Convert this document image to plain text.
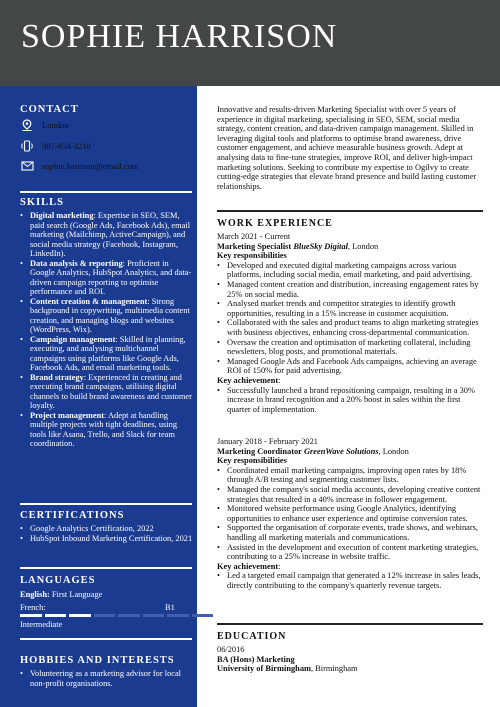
SOPHIE HARRISON
CONTACT
London
987-654-3210
sophie.harrison@email.com
SKILLS
• Digital marketing: Expertise in SEO, SEM, paid search (Google Ads, Facebook Ads), email marketing (Mailchimp, ActiveCampaign), and social media strategy (Facebook, Instagram, LinkedIn).
• Data analysis & reporting: Proficient in Google Analytics, HubSpot Analytics, and data-driven campaign reporting to optimise performance and ROI.
• Content creation & management: Strong background in copywriting, multimedia content creation, and managing blogs and websites (WordPress, Wix).
• Campaign management: Skilled in planning, executing, and analysing multichannel campaigns using platforms like Google Ads, Facebook Ads, and email marketing tools.
• Brand strategy: Experienced in creating and executing brand campaigns, utilising digital channels to build brand awareness and customer loyalty.
• Project management: Adept at handling multiple projects with tight deadlines, using tools like Asana, Trello, and Slack for team coordination.
CERTIFICATIONS
• Google Analytics Certification, 2022
• HubSpot Inbound Marketing Certification, 2021
LANGUAGES
English: First Language
French:	B1
Intermediate
HOBBIES AND INTERESTS
• Volunteering as a marketing advisor for local non-profit organisations.
Innovative and results-driven Marketing Specialist with over 5 years of experience in digital marketing, specialising in SEO, SEM, social media strategy, content creation, and data-driven campaign management. Skilled in leveraging digital tools and platforms to optimise brand awareness, drive customer engagement, and achieve measurable business growth. Adept at analysing data to fine-tune strategies, improve ROI, and deliver high-impact marketing solutions. Seeking to contribute my expertise to Ogilvy to create cutting-edge strategies that elevate brand presence and build lasting customer relationships.
WORK EXPERIENCE
March 2021 - Current
Marketing Specialist BlueSky Digital, London
Key responsibilities
• Developed and executed digital marketing campaigns across various platforms, including social media, email marketing, and paid advertising.
• Managed content creation and distribution, increasing engagement rates by 25% on social media.
• Analysed market trends and competitor strategies to identify growth opportunities, resulting in a 15% increase in customer acquisition.
• Collaborated with the sales and product teams to align marketing strategies with business objectives, enhancing cross-departmental communication.
• Oversaw the creation and optimisation of marketing collateral, including newsletters, blog posts, and promotional materials.
• Managed Google Ads and Facebook Ads campaigns, achieving an average ROI of 150% for paid advertising.
Key achievement:
• Successfully launched a brand repositioning campaign, resulting in a 30% increase in brand recognition and a 20% boost in sales within the first quarter of implementation.
January 2018 - February 2021
Marketing Coordinator GreenWave Solutions, London
Key responsibilities
• Coordinated email marketing campaigns, improving open rates by 18% through A/B testing and segmenting customer lists.
• Managed the company's social media accounts, developing creative content strategies that resulted in a 40% increase in follower engagement.
• Monitored website performance using Google Analytics, identifying opportunities to enhance user experience and optimise conversion rates.
• Supported the organisation of corporate events, trade shows, and webinars, handling all marketing materials and communications.
• Assisted in the development and execution of content marketing strategies, contributing to a 25% increase in website traffic.
Key achievement:
• Led a targeted email campaign that generated a 12% increase in sales leads, directly contributing to the company's quarterly revenue targets.
EDUCATION
06/2016
BA (Hons) Marketing
University of Birmingham, Birmingham
